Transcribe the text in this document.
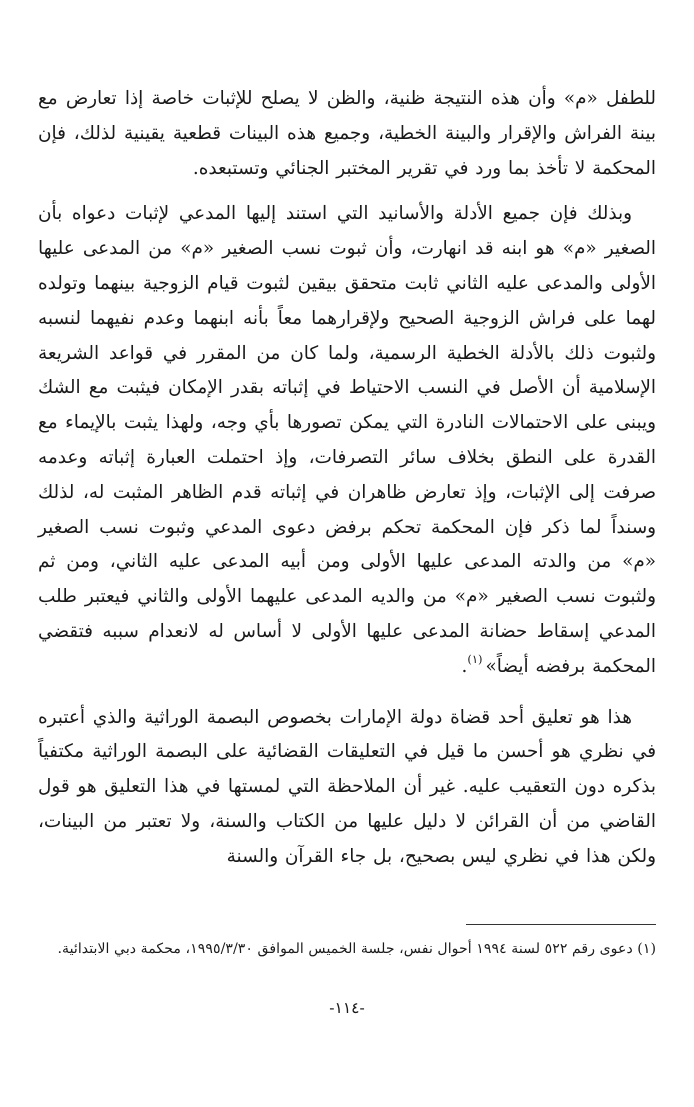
للطفل «م» وأن هذه النتيجة ظنية، والظن لا يصلح للإثبات خاصة إذا تعارض مع بينة الفراش والإقرار والبينة الخطية، وجميع هذه البينات قطعية يقينية لذلك، فإن المحكمة لا تأخذ بما ورد في تقرير المختبر الجنائي وتستبعده.

وبذلك فإن جميع الأدلة والأسانيد التي استند إليها المدعي لإثبات دعواه بأن الصغير «م» هو ابنه قد انهارت، وأن ثبوت نسب الصغير «م» من المدعى عليها الأولى والمدعى عليه الثاني ثابت متحقق بيقين لثبوت قيام الزوجية بينهما وتولده لهما على فراش الزوجية الصحيح ولإقرارهما معاً بأنه ابنهما وعدم نفيهما لنسبه ولثبوت ذلك بالأدلة الخطية الرسمية، ولما كان من المقرر في قواعد الشريعة الإسلامية أن الأصل في النسب الاحتياط في إثباته بقدر الإمكان فيثبت مع الشك ويبنى على الاحتمالات النادرة التي يمكن تصورها بأي وجه، ولهذا يثبت بالإيماء مع القدرة على النطق بخلاف سائر التصرفات، وإذ احتملت العبارة إثباته وعدمه صرفت إلى الإثبات، وإذ تعارض ظاهران في إثباته قدم الظاهر المثبت له، لذلك وسنداً لما ذكر فإن المحكمة تحكم برفض دعوى المدعي وثبوت نسب الصغير «م» من والدته المدعى عليها الأولى ومن أبيه المدعى عليه الثاني، ومن ثم ولثبوت نسب الصغير «م» من والديه المدعى عليهما الأولى والثاني فيعتبر طلب المدعي إسقاط حضانة المدعى عليها الأولى لا أساس له لانعدام سببه فتقضي المحكمة برفضه أيضاً»$^{(١)}$.

هذا هو تعليق أحد قضاة دولة الإمارات بخصوص البصمة الوراثية والذي أعتبره في نظري هو أحسن ما قيل في التعليقات القضائية على البصمة الوراثية مكتفياً بذكره دون التعقيب عليه. غير أن الملاحظة التي لمستها في هذا التعليق هو قول القاضي من أن القرائن لا دليل عليها من الكتاب والسنة، ولا تعتبر من البينات، ولكن هذا في نظري ليس بصحيح، بل جاء القرآن والسنة

(١) دعوى رقم ٥٢٢ لسنة ١٩٩٤ أحوال نفس، جلسة الخميس الموافق ١٩٩٥/٣/٣٠، محكمة دبي الابتدائية.

-١١٤-
